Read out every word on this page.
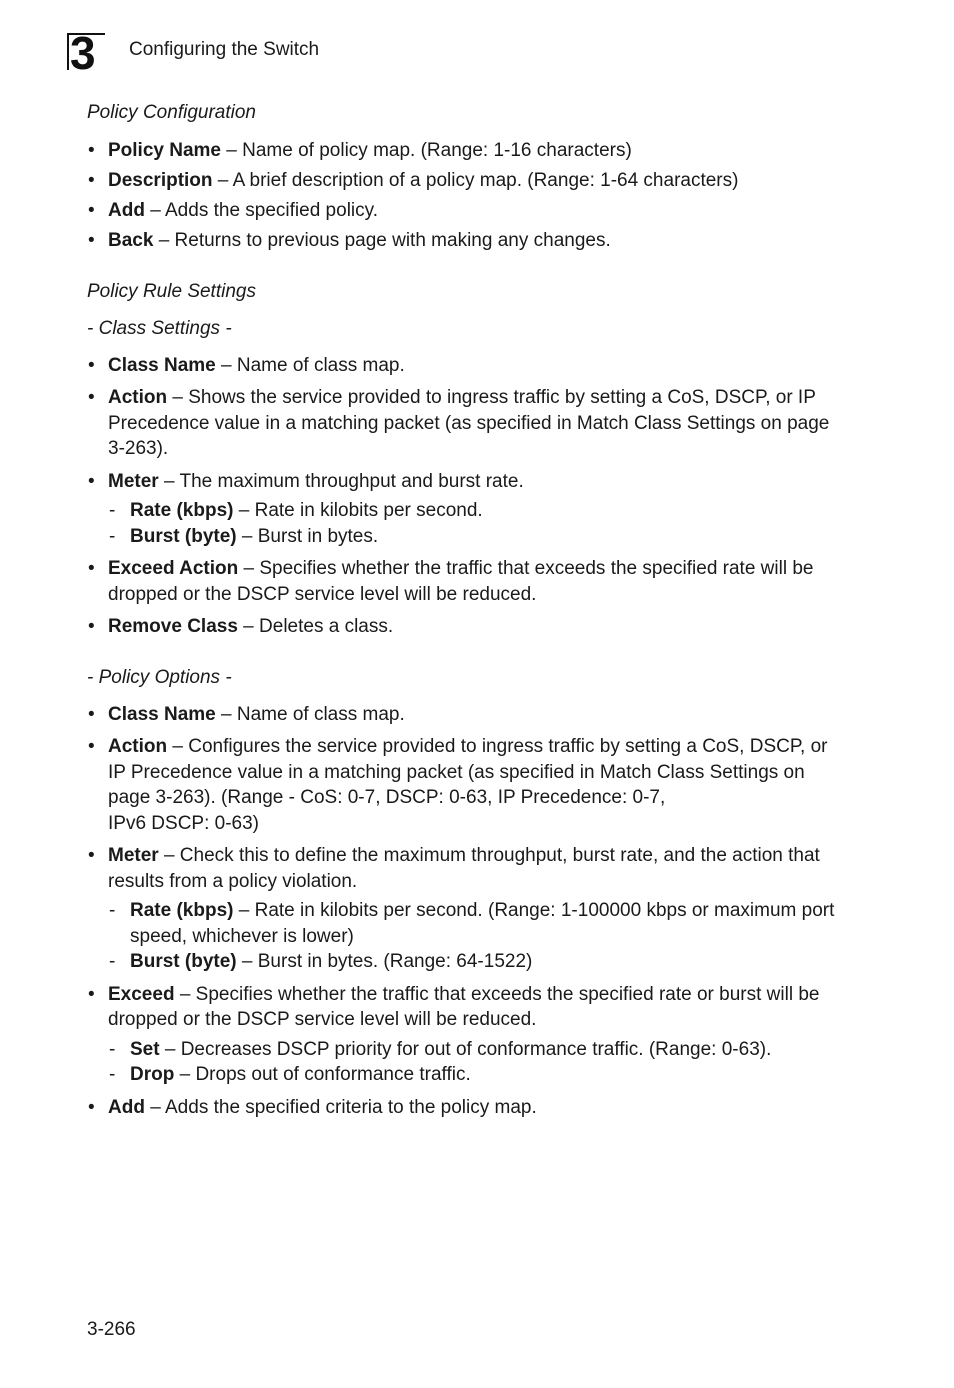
3 Configuring the Switch

Policy Configuration

• Policy Name – Name of policy map. (Range: 1-16 characters)
• Description – A brief description of a policy map. (Range: 1-64 characters)
• Add – Adds the specified policy.
• Back – Returns to previous page with making any changes.

Policy Rule Settings

- Class Settings -

• Class Name – Name of class map.
• Action – Shows the service provided to ingress traffic by setting a CoS, DSCP, or IP Precedence value in a matching packet (as specified in Match Class Settings on page 3-263).
• Meter – The maximum throughput and burst rate.
- Rate (kbps) – Rate in kilobits per second.
- Burst (byte) – Burst in bytes.
• Exceed Action – Specifies whether the traffic that exceeds the specified rate will be dropped or the DSCP service level will be reduced.
• Remove Class – Deletes a class.

- Policy Options -

• Class Name – Name of class map.
• Action – Configures the service provided to ingress traffic by setting a CoS, DSCP, or IP Precedence value in a matching packet (as specified in Match Class Settings on page 3-263). (Range - CoS: 0-7, DSCP: 0-63, IP Precedence: 0-7,
IPv6 DSCP: 0-63)
• Meter – Check this to define the maximum throughput, burst rate, and the action that results from a policy violation.
- Rate (kbps) – Rate in kilobits per second. (Range: 1-100000 kbps or maximum port speed, whichever is lower)
- Burst (byte) – Burst in bytes. (Range: 64-1522)
• Exceed – Specifies whether the traffic that exceeds the specified rate or burst will be dropped or the DSCP service level will be reduced.
- Set – Decreases DSCP priority for out of conformance traffic. (Range: 0-63).
- Drop – Drops out of conformance traffic.
• Add – Adds the specified criteria to the policy map.
3-266
